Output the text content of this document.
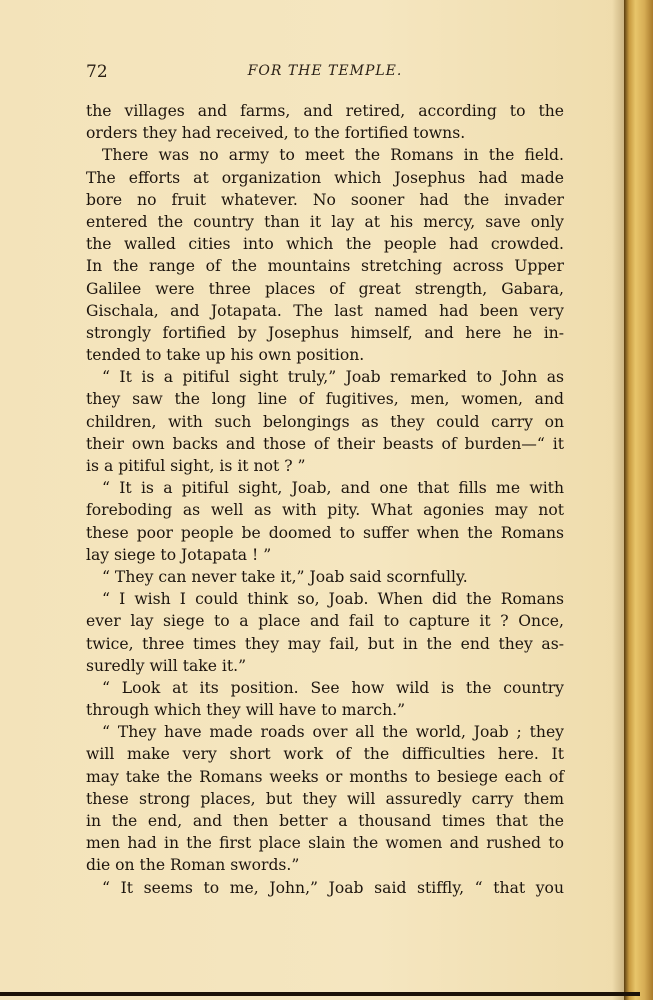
72	FOR THE TEMPLE.
the villages and farms, and retired, according to the
orders they had received, to the fortified towns.
There was no army to meet the Romans in the field.
The efforts at organization which Josephus had made
bore no fruit whatever. No sooner had the invader
entered the country than it lay at his mercy, save only
the walled cities into which the people had crowded.
In the range of the mountains stretching across Upper
Galilee were three places of great strength, Gabara,
Gischala, and Jotapata. The last named had been very
strongly fortified by Josephus himself, and here he in-
tended to take up his own position.
“ It is a pitiful sight truly,” Joab remarked to John as
they saw the long line of fugitives, men, women, and
children, with such belongings as they could carry on
their own backs and those of their beasts of burden—“ it
is a pitiful sight, is it not ? ”
“ It is a pitiful sight, Joab, and one that fills me with
foreboding as well as with pity. What agonies may not
these poor people be doomed to suffer when the Romans
lay siege to Jotapata ! ”
“ They can never take it,” Joab said scornfully.
“ I wish I could think so, Joab. When did the Romans
ever lay siege to a place and fail to capture it ? Once,
twice, three times they may fail, but in the end they as-
suredly will take it.”
“ Look at its position. See how wild is the country
through which they will have to march.”
“ They have made roads over all the world, Joab ; they
will make very short work of the difficulties here. It
may take the Romans weeks or months to besiege each of
these strong places, but they will assuredly carry them
in the end, and then better a thousand times that the
men had in the first place slain the women and rushed to
die on the Roman swords.”
“ It seems to me, John,” Joab said stiffly, “ that you
